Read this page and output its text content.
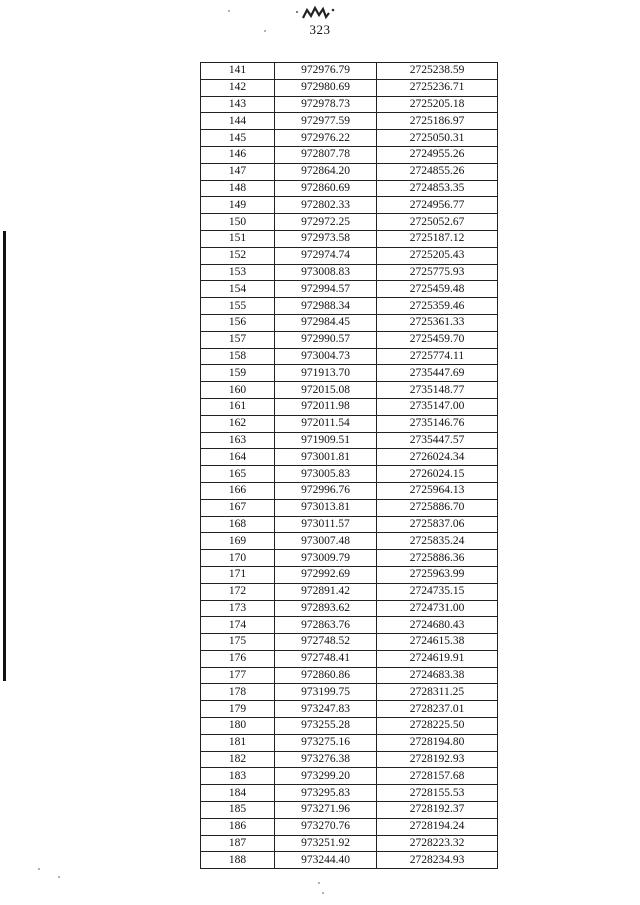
323
141	972976.79	2725238.59
142	972980.69	2725236.71
143	972978.73	2725205.18
144	972977.59	2725186.97
145	972976.22	2725050.31
146	972807.78	2724955.26
147	972864.20	2724855.26
148	972860.69	2724853.35
149	972802.33	2724956.77
150	972972.25	2725052.67
151	972973.58	2725187.12
152	972974.74	2725205.43
153	973008.83	2725775.93
154	972994.57	2725459.48
155	972988.34	2725359.46
156	972984.45	2725361.33
157	972990.57	2725459.70
158	973004.73	2725774.11
159	971913.70	2735447.69
160	972015.08	2735148.77
161	972011.98	2735147.00
162	972011.54	2735146.76
163	971909.51	2735447.57
164	973001.81	2726024.34
165	973005.83	2726024.15
166	972996.76	2725964.13
167	973013.81	2725886.70
168	973011.57	2725837.06
169	973007.48	2725835.24
170	973009.79	2725886.36
171	972992.69	2725963.99
172	972891.42	2724735.15
173	972893.62	2724731.00
174	972863.76	2724680.43
175	972748.52	2724615.38
176	972748.41	2724619.91
177	972860.86	2724683.38
178	973199.75	2728311.25
179	973247.83	2728237.01
180	973255.28	2728225.50
181	973275.16	2728194.80
182	973276.38	2728192.93
183	973299.20	2728157.68
184	973295.83	2728155.53
185	973271.96	2728192.37
186	973270.76	2728194.24
187	973251.92	2728223.32
188	973244.40	2728234.93
